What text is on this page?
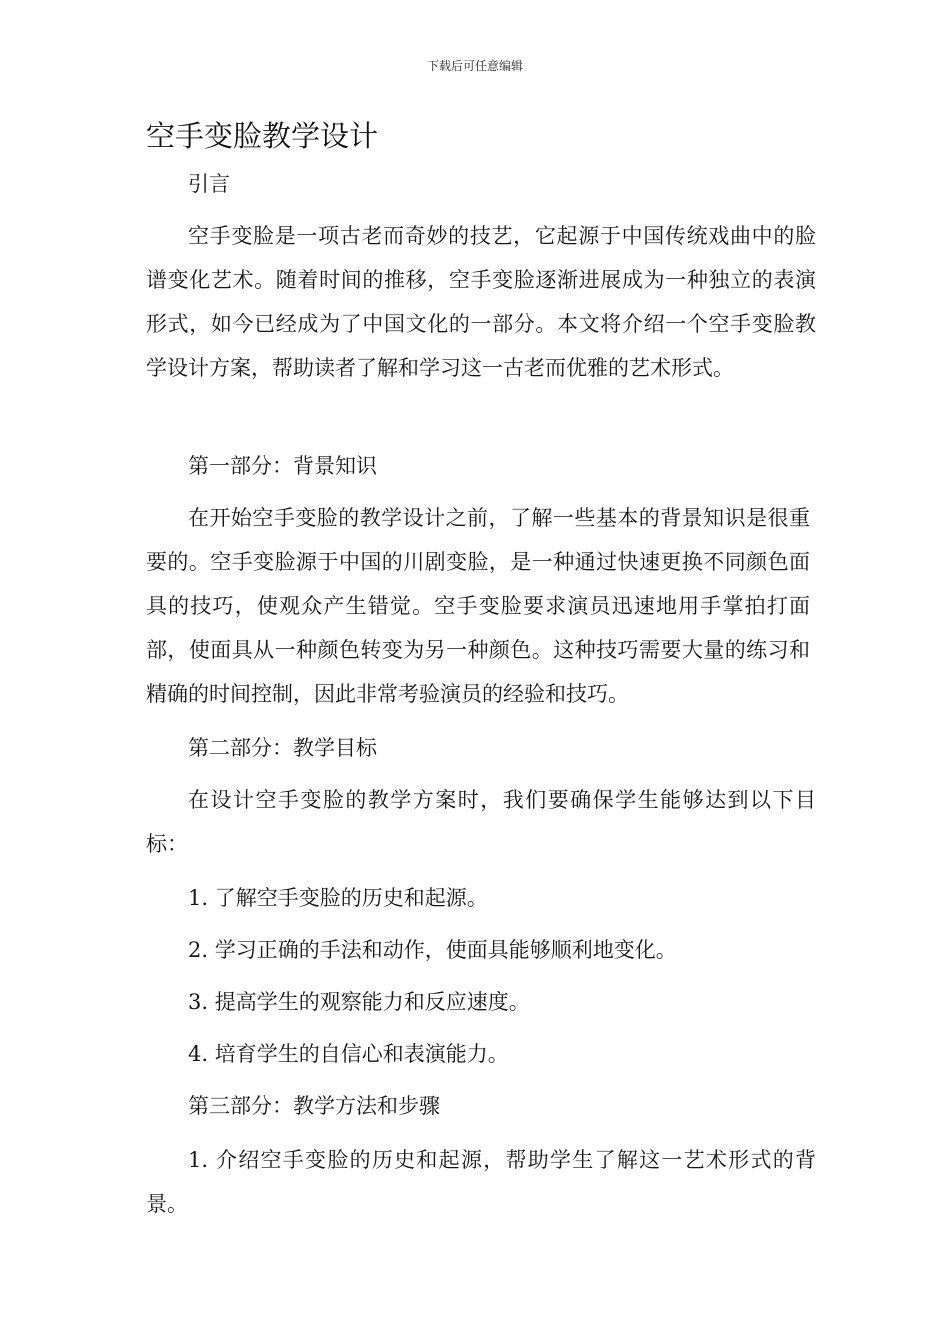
下载后可任意编辑
空手变脸教学设计

引言

空手变脸是一项古老而奇妙的技艺，它起源于中国传统戏曲中的脸谱变化艺术。随着时间的推移，空手变脸逐渐进展成为一种独立的表演形式，如今已经成为了中国文化的一部分。本文将介绍一个空手变脸教学设计方案，帮助读者了解和学习这一古老而优雅的艺术形式。

第一部分：背景知识

在开始空手变脸的教学设计之前，了解一些基本的背景知识是很重要的。空手变脸源于中国的川剧变脸，是一种通过快速更换不同颜色面具的技巧，使观众产生错觉。空手变脸要求演员迅速地用手掌拍打面部，使面具从一种颜色转变为另一种颜色。这种技巧需要大量的练习和精确的时间控制，因此非常考验演员的经验和技巧。

第二部分：教学目标

在设计空手变脸的教学方案时，我们要确保学生能够达到以下目标：

1. 了解空手变脸的历史和起源。

2. 学习正确的手法和动作，使面具能够顺利地变化。

3. 提高学生的观察能力和反应速度。

4. 培育学生的自信心和表演能力。

第三部分：教学方法和步骤

1. 介绍空手变脸的历史和起源，帮助学生了解这一艺术形式的背景。
